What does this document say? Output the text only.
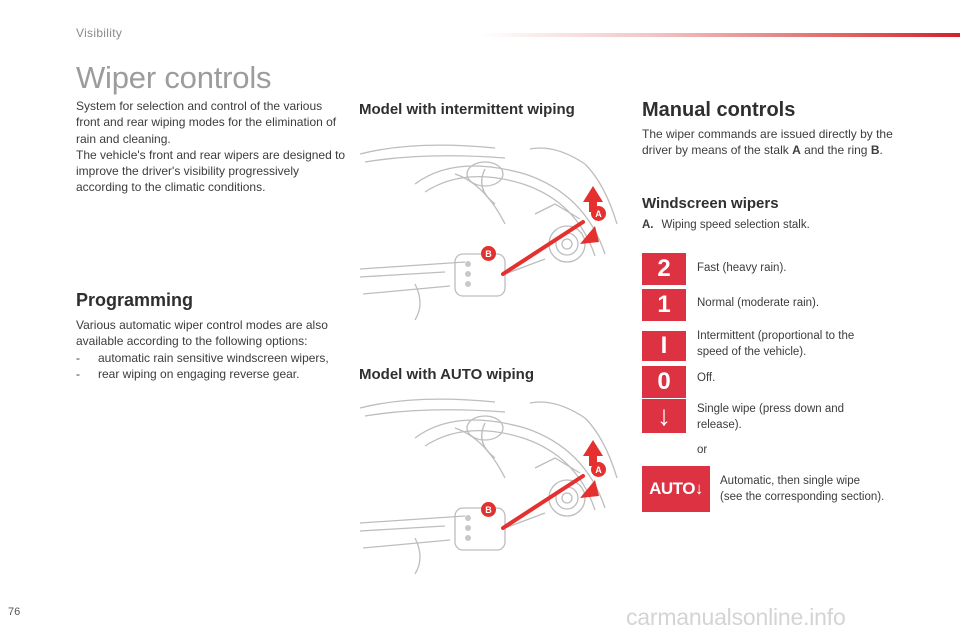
Visibility
Wiper controls
System for selection and control of the various front and rear wiping modes for the elimination of rain and cleaning.
The vehicle's front and rear wipers are designed to improve the driver's visibility progressively according to the climatic conditions.
Programming
Various automatic wiper control modes are also available according to the following options:
-	automatic rain sensitive windscreen wipers,
-	rear wiping on engaging reverse gear.
Model with intermittent wiping
A
B
Model with AUTO wiping
A
B
Manual controls
The wiper commands are issued directly by the driver by means of the stalk A and the ring B.
Windscreen wipers
A. Wiping speed selection stalk.
2	Fast (heavy rain).
1	Normal (moderate rain).
I	Intermittent (proportional to the speed of the vehicle).
0	Off.
↓	Single wipe (press down and release).
or
AUTO↓	Automatic, then single wipe
(see the corresponding section).
76	carmanualsonline.info
